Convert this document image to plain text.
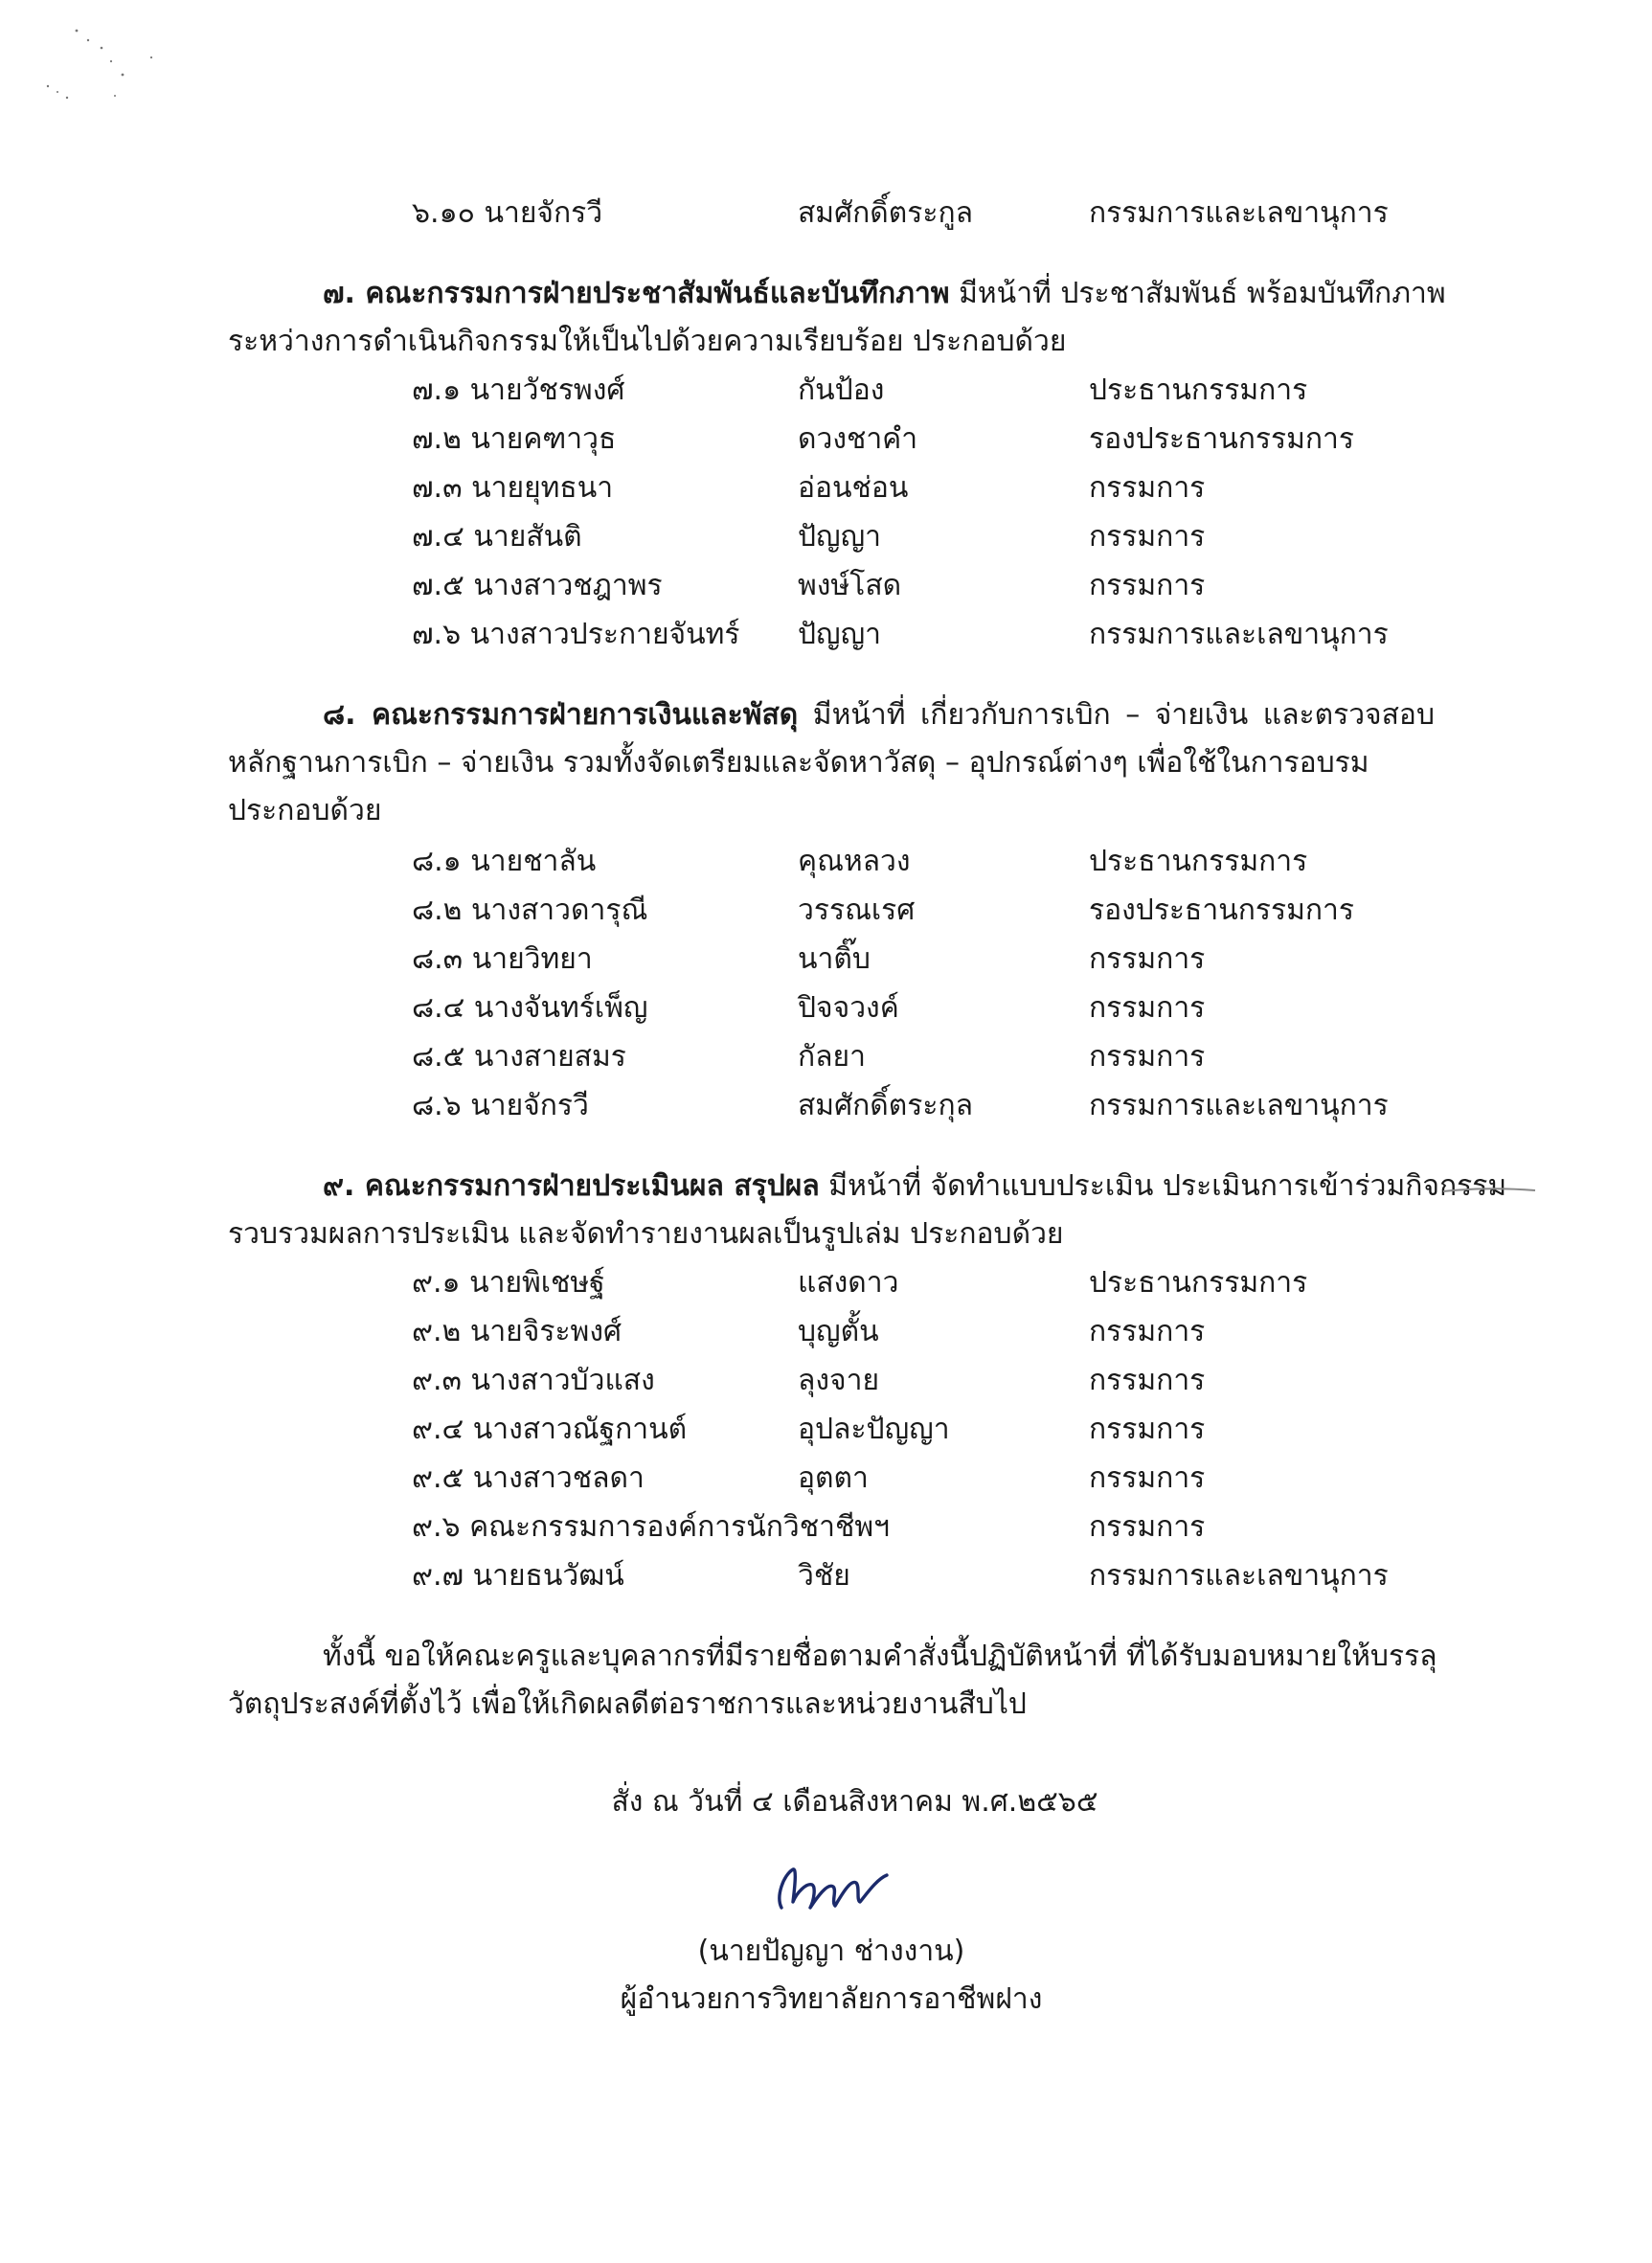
๖.๑๐ นายจักรวี	สมศักดิ์ตระกูล	กรรมการและเลขานุการ
๗. คณะกรรมการฝ่ายประชาสัมพันธ์และบันทึกภาพ มีหน้าที่ ประชาสัมพันธ์ พร้อมบันทึกภาพ
ระหว่างการดำเนินกิจกรรมให้เป็นไปด้วยความเรียบร้อย ประกอบด้วย
๗.๑ นายวัชรพงศ์	กันป้อง	ประธานกรรมการ
๗.๒ นายคฑาวุธ	ดวงชาคำ	รองประธานกรรมการ
๗.๓ นายยุทธนา	อ่อนช่อน	กรรมการ
๗.๔ นายสันติ	ปัญญา	กรรมการ
๗.๕ นางสาวชฎาพร	พงษ์โสด	กรรมการ
๗.๖ นางสาวประกายจันทร์ ปัญญา	กรรมการและเลขานุการ
๘. คณะกรรมการฝ่ายการเงินและพัสดุ มีหน้าที่ เกี่ยวกับการเบิก – จ่ายเงิน และตรวจสอบ
หลักฐานการเบิก – จ่ายเงิน รวมทั้งจัดเตรียมและจัดหาวัสดุ – อุปกรณ์ต่างๆ เพื่อใช้ในการอบรม
ประกอบด้วย
๘.๑ นายชาลัน	คุณหลวง	ประธานกรรมการ
๘.๒ นางสาวดารุณี	วรรณเรศ	รองประธานกรรมการ
๘.๓ นายวิทยา	นาติ๊บ	กรรมการ
๘.๔ นางจันทร์เพ็ญ	ปิจจวงค์	กรรมการ
๘.๕ นางสายสมร	กัลยา	กรรมการ
๘.๖ นายจักรวี	สมศักดิ์ตระกุล	กรรมการและเลขานุการ
๙. คณะกรรมการฝ่ายประเมินผล สรุปผล มีหน้าที่ จัดทำแบบประเมิน ประเมินการเข้าร่วมกิจกรรม
รวบรวมผลการประเมิน และจัดทำรายงานผลเป็นรูปเล่ม ประกอบด้วย
๙.๑ นายพิเชษฐ์	แสงดาว	ประธานกรรมการ
๙.๒ นายจิระพงศ์	บุญตั้น	กรรมการ
๙.๓ นางสาวบัวแสง	ลุงจาย	กรรมการ
๙.๔ นางสาวณัฐกานต์	อุปละปัญญา	กรรมการ
๙.๕ นางสาวชลดา	อุตตา	กรรมการ
๙.๖ คณะกรรมการองค์การนักวิชาชีพฯ	กรรมการ
๙.๗ นายธนวัฒน์	วิชัย	กรรมการและเลขานุการ
ทั้งนี้ ขอให้คณะครูและบุคลากรที่มีรายชื่อตามคำสั่งนี้ปฏิบัติหน้าที่ ที่ได้รับมอบหมายให้บรรลุ
วัตถุประสงค์ที่ตั้งไว้ เพื่อให้เกิดผลดีต่อราชการและหน่วยงานสืบไป
สั่ง ณ วันที่ ๔ เดือนสิงหาคม พ.ศ.๒๕๖๕
(นายปัญญา ช่างงาน)
ผู้อำนวยการวิทยาลัยการอาชีพฝาง
